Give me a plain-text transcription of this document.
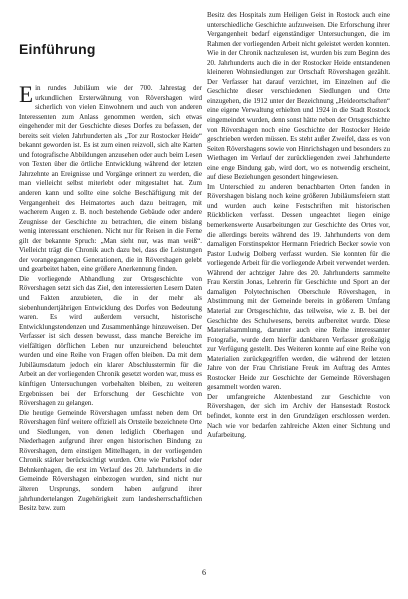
Einführung

Ein rundes Jubiläum wie der 700. Jahrestag der urkundlichen Ersterwähnung von Rövershagen wird sicherlich von vielen Einwohnern und auch von anderen Interessenten zum Anlass genommen werden, sich etwas eingehender mit der Geschichte dieses Dorfes zu befassen, der bereits seit vielen Jahrhunderten als „Tor zur Rostocker Heide“ bekannt geworden ist. Es ist zum einen reizvoll, sich alte Karten und fotografische Abbildungen anzusehen oder auch beim Lesen von Texten über die örtliche Entwicklung während der letzten Jahrzehnte an Ereignisse und Vorgänge erinnert zu werden, die man vielleicht selbst miterlebt oder mitgestaltet hat. Zum anderen kann und sollte eine solche Beschäftigung mit der Vergangenheit des Heimatortes auch dazu beitragen, mit wacherem Augen z. B. noch bestehende Gebäude oder andere Zeugnisse der Geschichte zu betrachten, die einem bislang wenig interessant erschienen. Nicht nur für Reisen in die Ferne gilt der bekannte Spruch: „Man sieht nur, was man weiß“. Vielleicht trägt die Chronik auch dazu bei, dass die Leistungen der vorangegangenen Generationen, die in Rövershagen gelebt und gearbeitet haben, eine größere Anerkennung finden.

Die vorliegende Abhandlung zur Ortsgeschichte von Rövershagen setzt sich das Ziel, den interessierten Lesern Daten und Fakten anzubieten, die in der mehr als siebenhundertjährigen Entwicklung des Dorfes von Bedeutung waren. Es wird außerdem versucht, historische Entwicklungstendenzen und Zusammenhänge hinzuweisen. Der Verfasser ist sich dessen bewusst, dass manche Bereiche im vielfältigen dörflichen Leben nur unzureichend beleuchtet wurden und eine Reihe von Fragen offen bleiben. Da mit dem Jubiläumsdatum jedoch ein klarer Abschlusstermin für die Arbeit an der vorliegenden Chronik gesetzt worden war, muss es künftigen Untersuchungen vorbehalten bleiben, zu weiteren Ergebnissen bei der Erforschung der Geschichte von Rövershagen zu gelangen.

Die heutige Gemeinde Rövershagen umfasst neben dem Ort Rövershagen fünf weitere offiziell als Ortsteile bezeichnete Orte und Siedlungen, von denen lediglich Oberhagen und Niederhagen aufgrund ihrer engen historischen Bindung zu Rövershagen, dem einstigen Mittelhagen, in der vorliegenden Chronik stärker berücksichtigt wurden. Orte wie Purkshof oder Behnkenhagen, die erst im Verlauf des 20. Jahrhunderts in die Gemeinde Rövershagen einbezogen wurden, sind nicht nur älteren Ursprungs, sondern haben aufgrund ihrer jahrhundertelangen Zugehörigkeit zum landesherrschaftlichen Besitz bzw. zum

Besitz des Hospitals zum Heiligen Geist in Rostock auch eine unterschiedliche Geschichte aufzuweisen. Die Erforschung ihrer Vergangenheit bedarf eigenständiger Untersuchungen, die im Rahmen der vorliegenden Arbeit nicht geleistet werden konnten. Wie in der Chronik nachzulesen ist, wurden bis zum Beginn des 20. Jahrhunderts auch die in der Rostocker Heide entstandenen kleineren Wohnsiedlungen zur Ortschaft Rövershagen gezählt. Der Verfasser hat darauf verzichtet, im Einzelnen auf die Geschichte dieser verschiedenen Siedlungen und Orte einzugehen, die 1912 unter der Bezeichnung „Heideortschaften“ eine eigene Verwaltung erhielten und 1924 in die Stadt Rostock eingemeindet wurden, denn sonst hätte neben der Ortsgeschichte von Rövershagen noch eine Geschichte der Rostocker Heide geschrieben werden müssen. Es steht außer Zweifel, dass es von Seiten Rövershagens sowie von Hinrichshagen und besonders zu Wiethagen im Verlauf der zurückliegenden zwei Jahrhunderte eine enge Bindung gab, wird dort, wo es notwendig erscheint, auf diese Beziehungen gesondert hingewiesen.

Im Unterschied zu anderen benachbarten Orten fanden in Rövershagen bislang noch keine größeren Jubiläumsfeiern statt und wurden auch keine Festschriften mit historischen Rückblicken verfasst. Dessen ungeachtet liegen einige bemerkenswerte Ausarbeitungen zur Geschichte des Ortes vor, die allerdings bereits während des 19. Jahrhunderts von dem damaligen Forstinspektor Hermann Friedrich Becker sowie von Pastor Ludwig Dolberg verfasst wurden. Sie konnten für die vorliegende Arbeit für die vorliegende Arbeit verwendet werden.

Während der achtziger Jahre des 20. Jahrhunderts sammelte Frau Kerstin Jonas, Lehrerin für Geschichte und Sport an der damaligen Polytechnischen Oberschule Rövershagen, in Abstimmung mit der Gemeinde bereits in größerem Umfang Material zur Ortsgeschichte, das teilweise, wie z. B. bei der Geschichte des Schulwesens, bereits aufbereitet wurde. Diese Materialsammlung, darunter auch eine Reihe interessanter Fotografie, wurde dem hierfür dankbaren Verfasser großzügig zur Verfügung gestellt. Des Weiteren konnte auf eine Reihe von Materialien zurückgegriffen werden, die während der letzten Jahre von der Frau Christiane Freuk im Auftrag des Amtes Rostocker Heide zur Geschichte der Gemeinde Rövershagen gesammelt worden waren.

Der umfangreiche Aktenbestand zur Geschichte von Rövershagen, der sich im Archiv der Hansestadt Rostock befindet, konnte erst in den Grundzügen erschlossen werden. Nach wie vor bedarfen zahlreiche Akten einer Sichtung und Aufarbeitung.

6
